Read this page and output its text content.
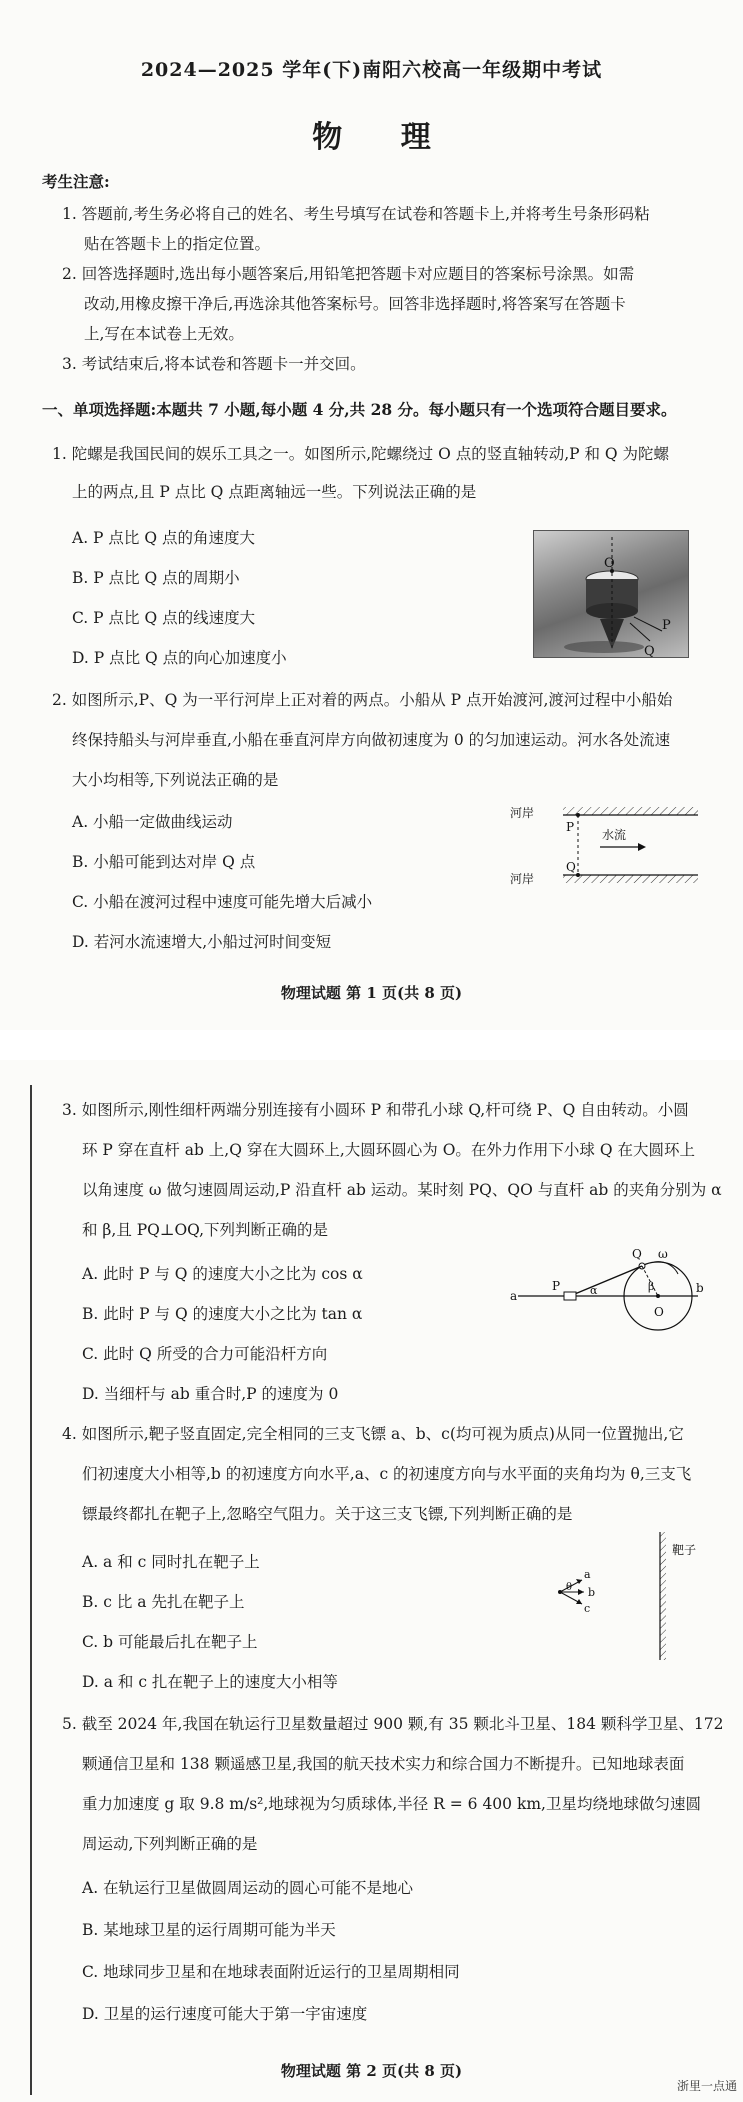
2024—2025 学年(下)南阳六校高一年级期中考试
物 理
考生注意:
1. 答题前,考生务必将自己的姓名、考生号填写在试卷和答题卡上,并将考生号条形码粘
贴在答题卡上的指定位置。
2. 回答选择题时,选出每小题答案后,用铅笔把答题卡对应题目的答案标号涂黑。如需
改动,用橡皮擦干净后,再选涂其他答案标号。回答非选择题时,将答案写在答题卡
上,写在本试卷上无效。
3. 考试结束后,将本试卷和答题卡一并交回。
一、单项选择题:本题共 7 小题,每小题 4 分,共 28 分。每小题只有一个选项符合题目要求。
1. 陀螺是我国民间的娱乐工具之一。如图所示,陀螺绕过 O 点的竖直轴转动,P 和 Q 为陀螺
上的两点,且 P 点比 Q 点距离轴远一些。下列说法正确的是
A. P 点比 Q 点的角速度大
B. P 点比 Q 点的周期小
C. P 点比 Q 点的线速度大
D. P 点比 Q 点的向心加速度小
O
P
Q
2. 如图所示,P、Q 为一平行河岸上正对着的两点。小船从 P 点开始渡河,渡河过程中小船始
终保持船头与河岸垂直,小船在垂直河岸方向做初速度为 0 的匀加速运动。河水各处流速
大小均相等,下列说法正确的是
A. 小船一定做曲线运动
B. 小船可能到达对岸 Q 点
C. 小船在渡河过程中速度可能先增大后减小
D. 若河水流速增大,小船过河时间变短
河岸
河岸
P
Q
水流
物理试题 第 1 页(共 8 页)
3. 如图所示,刚性细杆两端分别连接有小圆环 P 和带孔小球 Q,杆可绕 P、Q 自由转动。小圆
环 P 穿在直杆 ab 上,Q 穿在大圆环上,大圆环圆心为 O。在外力作用下小球 Q 在大圆环上
以角速度 ω 做匀速圆周运动,P 沿直杆 ab 运动。某时刻 PQ、QO 与直杆 ab 的夹角分别为 α
和 β,且 PQ⊥OQ,下列判断正确的是
A. 此时 P 与 Q 的速度大小之比为 cos α
B. 此时 P 与 Q 的速度大小之比为 tan α
C. 此时 Q 所受的合力可能沿杆方向
D. 当细杆与 ab 重合时,P 的速度为 0
a
b
O
P
Q ω
α	β
4. 如图所示,靶子竖直固定,完全相同的三支飞镖 a、b、c(均可视为质点)从同一位置抛出,它
们初速度大小相等,b 的初速度方向水平,a、c 的初速度方向与水平面的夹角均为 θ,三支飞
镖最终都扎在靶子上,忽略空气阻力。关于这三支飞镖,下列判断正确的是
A. a 和 c 同时扎在靶子上
B. c 比 a 先扎在靶子上
C. b 可能最后扎在靶子上
D. a 和 c 扎在靶子上的速度大小相等
靶子
a
b
c
θ
5. 截至 2024 年,我国在轨运行卫星数量超过 900 颗,有 35 颗北斗卫星、184 颗科学卫星、172
颗通信卫星和 138 颗遥感卫星,我国的航天技术实力和综合国力不断提升。已知地球表面
重力加速度 g 取 9.8 m/s²,地球视为匀质球体,半径 R = 6 400 km,卫星均绕地球做匀速圆
周运动,下列判断正确的是
A. 在轨运行卫星做圆周运动的圆心可能不是地心
B. 某地球卫星的运行周期可能为半天
C. 地球同步卫星和在地球表面附近运行的卫星周期相同
D. 卫星的运行速度可能大于第一宇宙速度
物理试题 第 2 页(共 8 页)
浙里一点通
